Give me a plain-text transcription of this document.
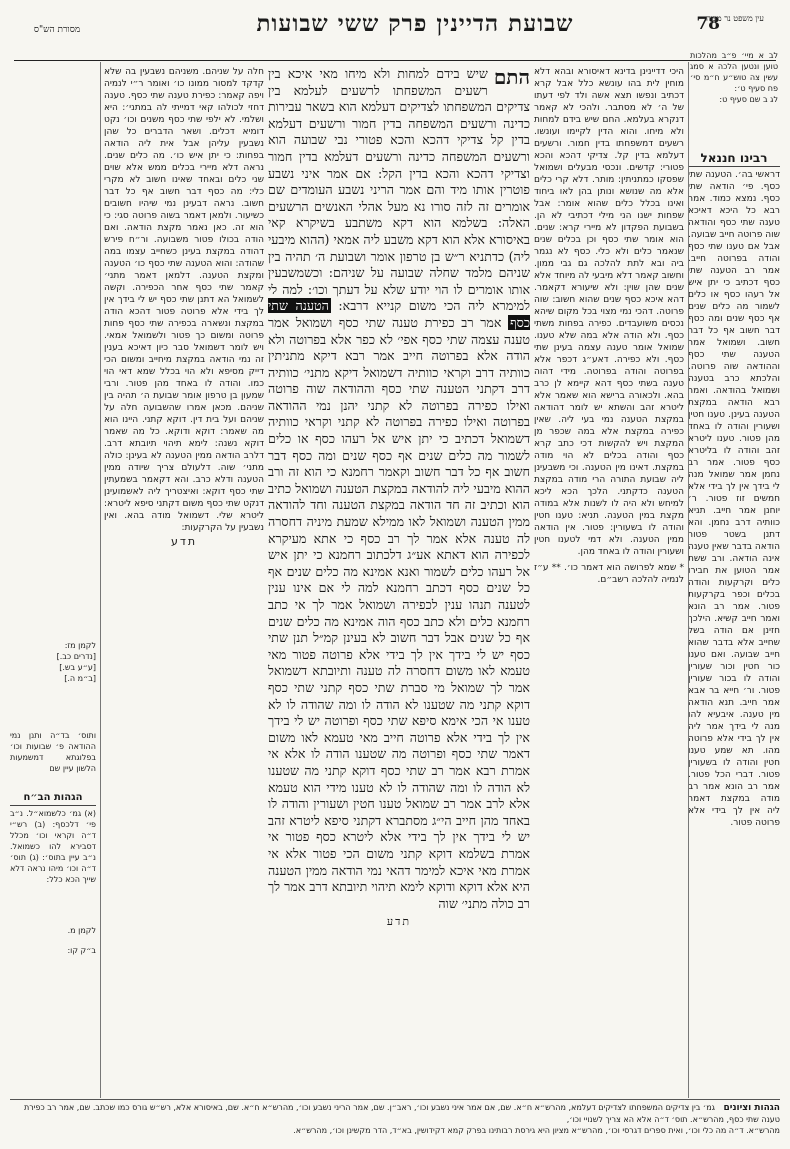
78
שבועת הדיינין פרק ששי שבועות	עין משפט נר מצוה
מסורת הש"ס
לב א מיי׳ פ״ב מהלכות טוען ונטען הלכה א סמג עשין צה טוש״ע ח״מ סי׳ פח סעיף ט׳:
לג ב שם סעיף ט:

רבינו חננאל

דראשי בה׳. הטענה שתי כסף. פי׳ הודאה שתי כסף. נמצא כמוד. אמר רבא כל היכא דאיכא טענה שתי כסף והודאה שוה פרוטה חייב שבועה. אבל אם טענו שתי כסף והודה בפרוטה חייב. אמר רב הטענה שתי כסף דכתיב כי יתן איש אל רעהו כסף או כלים לשמור מה כלים שנים אף כסף שנים ומה כסף דבר חשוב אף כל דבר חשוב. ושמואל אמר הטענה שתי כסף וההודאה שוה פרוטה. והלכתא כרב בטענה ושמואל בהודאה. ואמר רבא הודאה במקצת הטענה בעינן. טענו חטין ושעורין והודה לו באחד מהן פטור. טענו ליטרא זהב והודה לו בליטרא כסף פטור. אמר רב נחמן אמר שמואל מנה לי בידך אין לך בידי אלא חמשים זוז פטור. ר׳ יוחנן אמר חייב. תניא כוותיה דרב נחמן. והא דתנן בשטר פטור הודאה בדבר שאין טענה אינה הודאה. ורב ששת אמר הטוען את חבירו כלים וקרקעות והודה בכלים וכפר בקרקעות פטור. אמר רב הונא ואמר חייב קשיא. הילכך חזינן אם הודה בשל שחייב אלא בדבר שהוא חייב שבועה. ואם טענו כור חטין וכור שעורין והודה לו בכור שעורין פטור. ור׳ חייא בר אבא אמר חייב. תנא הודאה מין טענה. איבעיא להו מנה לי בידך אמר ליה אין לך בידי אלא פרוטה מהו. תא שמע טענו חטין והודה לו בשעורין פטור. דברי הכל פטור. אמר רב הונא אמר רב מודה במקצת דאמר ליה אין לך בידי אלא פרוטה פטור.

היכי דדיינינן בדינא דאיסורא ובהא דלא מוחין לית בהו עונשא כלל אבל קרא דכתיב ונפשו תצא אשה ולד לפי דעתו של ה׳ לא מסתבר. ולהכי לא קאמר דנקרא בעלמא. החם שיש בידם למחות ולא מיחו. והוא הדין לקיימו ועונשו. רשעים דמשפחתו בדין חמור. ורשעים דעלמא בדין קל. צדיקי דהכא והכא פטורי: קדשים. ונכסי מבעלים ושמואל שפסקו כמתניתין: מותר. דלא קרי כלים אלא מה שנושא ונותן בהן לאו ביחוד ואינו בכלל כלים שהוא אומר: אבל שפחות ישנו הני מילי דכתיבי לא הן. בשבועת הפקדון לא מיירי קרא: שנים. הוא אומר שתי כסף וכן בכלים שנים שנאמר כלים ולא כלי. כסף לא נגמר ביה ובא לתת להלכה גם גבי ממון. וחשוב קאמר דלא מיבעי לה מיוחד אלא שנים שהן שוין: ולא שיעורא דקאמר. דהא איכא כסף שנים שהוא חשוב: שוה פרוטה. דהכי נמי מצוי בכל מקום שיהא נכסים משועבדים. כפירה בפחות משתי כסף. ולא הודה אלא במה שלא טענו. שמואל אומר טענה עצמה בעינן שתי כסף. ולא כפירה. דאע״ג דכפר אלא בפרוטה והודה בפרוטה. מידי דהוה טענה בשתי כסף דהא קיימא לן כרב בהא. ולכאורה ברישא הוא שאמר אלא ליטרא זהב והשתא יש לומר דהודאה במקצת הטענה נמי בעי ליה. שאין כפירה במקצת אלא במה שכפר מן המקצת ויש להקשות דכי כתב קרא כסף והודה בכלים לא הוי מודה במקצת. דאינו מין הטענה. וכי משבעינן ליה שבועת התורה הרי מודה במקצת הטענה כדקתני. הלכך הכא ליכא למיחש ולא היה לו לשנות אלא במודה מקצת במין הטענה. תניא: טענו חטין והודה לו בשעורין: פטור. אין הודאה ממין הטענה. ולא דמי לטענו חטין ושעורין והודה לו באחד מהן.

* שמא לפרושה הוא דאמר כו׳. ** ע״ז לנמיה להלכה רשב״ם.

התם
שיש בידם למחות ולא מיחו מאי איכא בין רשעים המשפחתו לרשעים לעלמא בין צדיקים המשפחתו לצדיקים דעלמא הוא בשאר עבירות כדינה ורשעים המשפחה בדין חמור ורשעים דעלמא בדין קל צדיקי דהכא והכא פטורי נבי שבועה הוא ורשעים המשפחה כדינה ורשעים דעלמא בדין חמור וצדיקי דהכא והכא בדין הקל: אם אמר איני נשבע פוטרין אותו מיד והם אמר הריני נשבע העומדים שם אומרים זה לזה סורו נא מעל אהלי האנשים הרשעים האלה: בשלמא הוא דקא משתבע בשיקרא קאי באיסורא אלא הוא דקא משבע ליה אמאי (ההוא מיבעי ליה) כדתניא ר״ש בן טרפון אומר ושבועת ה׳ תהיה בין שניהם מלמד שחלה שבועה על שניהם: וכשמשבעין אותו אומרים לו הוי יודע שלא על דעתך וכו׳: למה לי למימרא ליה הכי משום קנייא דרבא: הטענה שתי כסף אמר רב כפירת טענה שתי כסף ושמואל אמר טענה עצמה שתי כסף אפי׳ לא כפר אלא בפרוטה ולא הודה אלא בפרוטה חייב אמר רבא דיקא מתניתין כוותיה דרב וקראי כוותיה דשמואל דיקא מתני׳ כוותיה דרב דקתני הטענה שתי כסף וההודאה שוה פרוטה ואילו כפירה בפרוטה לא קתני יהנן נמי ההודאה בפרוטה ואילו כפירה בפרוטה לא קתני וקראי כוותיה דשמואל דכתיב כי יתן איש אל רעהו כסף או כלים לשמור מה כלים שנים אף כסף שנים ומה כסף דבר חשוב אף כל דבר חשוב וקאמר רחמנא כי הוא זה ורב ההוא מיבעי ליה להודאה במקצת הטענה ושמואל כתיב הוא וכתיב זה חד הודאה במקצת הטענה וחד להודאה ממין הטענה ושמואל לאו ממילא שמעת מיניה דחסרה לה טענה אלא אמר לך רב כסף כי אתא מעיקרא לכפירה הוא דאתא אע״ג דלכתוב רחמנא כי יתן איש אל רעהו כלים לשמור ואנא אמינא מה כלים שנים אף כל שנים כסף דכתב רחמנא למה לי אם אינו ענין לטענה תנהו ענין לכפירה ושמואל אמר לך אי כתב רחמנא כלים ולא כתב כסף הוה אמינא מה כלים שנים אף כל שנים אבל דבר חשוב לא בעינן קמ״ל תנן שתי כסף יש לי בידך אין לך בידי אלא פרוטה פטור מאי טעמא לאו משום דחסרה לה טענה ותיובתא דשמואל אמר לך שמואל מי סברת שתי כסף קתני שתי כסף דוקא קתני מה שטענו לא הודה לו ומה שהודה לו לא טענו אי הכי אימא סיפא שתי כסף ופרוטה יש לי בידך אין לך בידי אלא פרוטה חייב מאי טעמא לאו משום דאמר שתי כסף ופרוטה מה שטענו הודה לו אלא אי אמרת רבא אמר רב שתי כסף דוקא קתני מה שטענו לא הודה לו ומה שהודה לו לא טענו מידי הוא טעמא אלא לרב אמר רב שמואל טענו חטין ושעורין והודה לו באחד מהן חייב הי״ג מסתברא דקתני סיפא ליטרא זהב יש לי בידך אין לך בידי אלא ליטרא כסף פטור אי אמרת בשלמא דוקא קתני משום הכי פטור אלא אי אמרת מאי איכא למימר דהאי נמי הודאה ממין הטענה היא אלא דוקא ודוקא לימא תיהוי תיובתא דרב אמר לך רב כולה מתני׳ שוה
תדע

חלה על שניהם. משניהם נשבעין בה שלא קדקד למסור ממונו כו׳ ואומר ר״י לנמיה ויפה קאמר: כפירת טענה שתי כסף. טענה דחזי לכולהו קאי דמייתי לה במתני׳: היא ושלמי. לא ילפי שתי כסף משנים וכו׳ נקט דומיא דכלים. ושאר הדברים כל שהן נשבעין עליהן אבל אית ליה הודאה בפחות: כי יתן איש כו׳. מה כלים שנים. נראה דלא מיירי בכלים ממש אלא שוים שני כלים ובאחד שאינו חשוב לא מקרי כלי: מה כסף דבר חשוב אף כל דבר חשוב. נראה דבעינן נמי שיהיו חשובים כשיעור. ולמאן דאמר בשוה פרוטה סגי: כי הוא זה. כאן נאמר מקצת הודאה. ואם הודה בכולו פטור משבועה. ור״ח פירש דהודה במקצת בעינן כשחייב עצמו במה שהודה: והוא הטענה שתי כסף כו׳ הטענה ומקצת הטענה. דלמאן דאמר מתני׳ קאמר שתי כסף אחר הכפירה. וקשה לשמואל הא דתנן שתי כסף יש לי בידך אין לך בידי אלא פרוטה פטור דהכא הודה במקצת ונשארה בכפירה שתי כסף פחות פרוטה ומשום כך פטור ולשמואל אמאי. ויש לומר דשמואל סבר כיון דאיכא בענין זה נמי הודאה במקצת מיחייב ומשום הכי דייק מסיפא ולא הוי בכלל שמא דאי הוי כמו. והודה לו באחד מהן פטור. ורבי שמעון בן טרפון אומר שבועת ה׳ תהיה בין שניהם. מכאן אמרו שהשבועה חלה על שניהם ועל בית דין. דוקא קתני. היינו הוא מה שאמר: דוקא ודוקא. כל מה שאמר דוקא נשנה: לימא תיהוי תיובתא דרב. דלרב הודאה ממין הטענה לא בעינן: כולה מתני׳ שוה. דלעולם צריך שיודה ממין הטענה ודלא כרב. והא דקאמר בשמעתין שתי כסף דוקא: ואיצטריך ליה לאשמועינן דנקט שתי כסף משום דקתני סיפא ליטרא: ליטרא שלי. דשמואל מודה בהא. ואין נשבעין על הקרקעות:

תדע
לקמן מז:
[נדרים כב.]
[ע״ע בש.]
[ב״מ ה.]
ותוס׳ בד״ה ותנן נמי ההודאה פ׳ שבועות וכו׳ בפלוגתא דמשמעות הלשון עיין שם
הגהות הב״ח

(א) גמ׳ כלשמוא״ל. נ״ב פי׳ דלכסף: (ב) רש״י ד״ה וקראי וכו׳ מכלל דסבירא להו כשמואל. נ״ב עיין בתוס׳: (ג) תוס׳ ד״ה וכו׳ מיהו נראה דלא שייך הכא כלל:

לקמן מ.
ב״ק קו:
הגהות וציונים גמ׳ בין צדיקים המשפחתו לצדיקים דעלמא, מהרש״א ח״א. שם, אם אמר איני נשבע וכו׳, ראב״ן. שם, אמר הריני נשבע וכו׳, מהרש״א ח״א. שם, באיסורא אלא, רש״ש גורס כמו שכתב. שם, אמר רב כפירת טענה שתי כסף, מהרש״א. תוס׳ ד״ה אלא הא צריך לשנויי וכו׳,
מהרש״א. ד״ה מה כלי וכו׳, ואית ספרים דגרסי וכו׳, מהרש״א מציון היא גירסת רבותינו בפרק קמא דקידושין, בא״ד, הדר מקשינן וכו׳, מהרש״א.
